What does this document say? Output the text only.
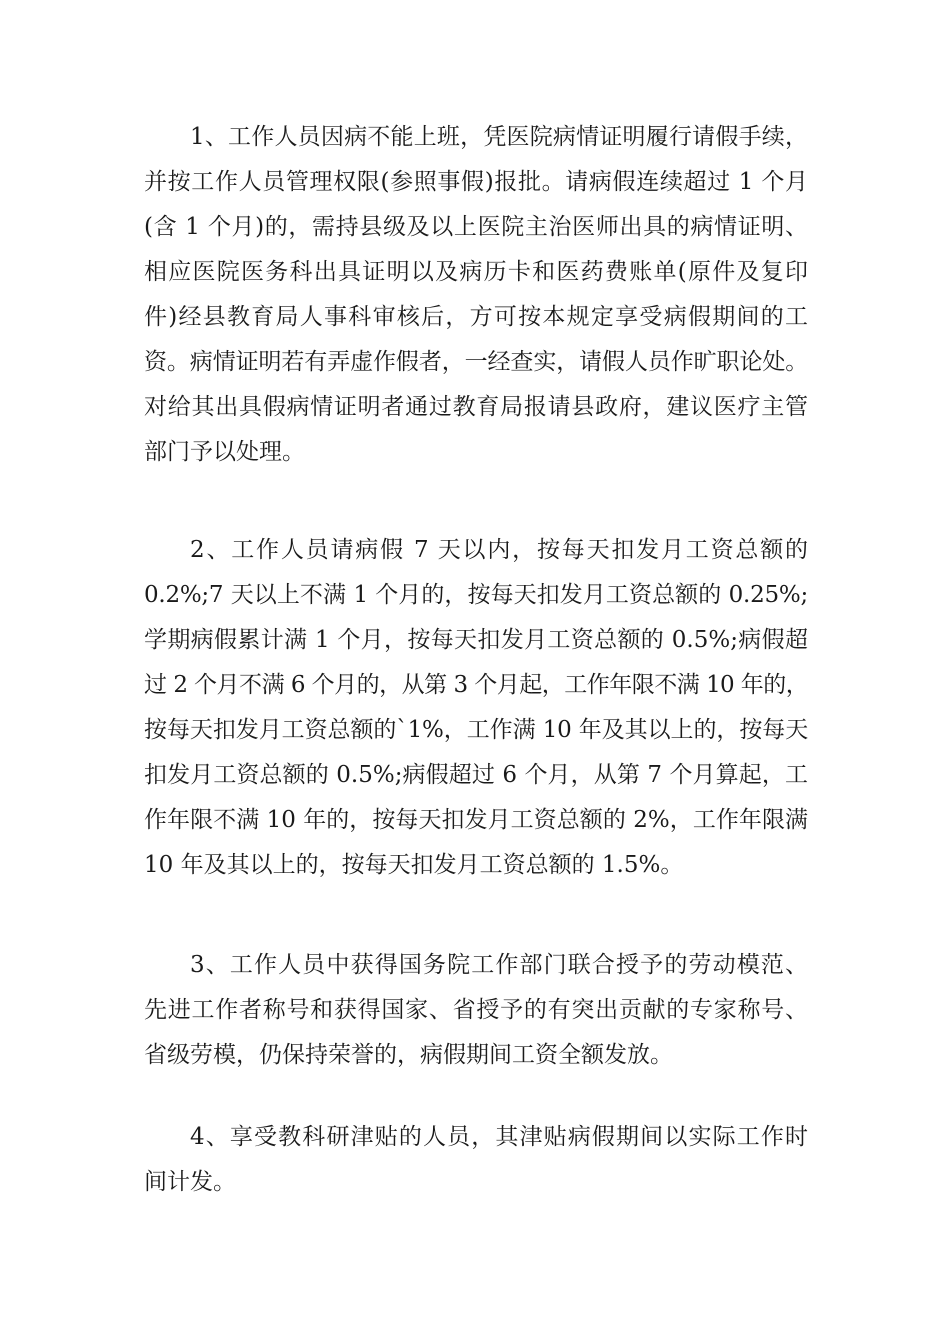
1、工作人员因病不能上班，凭医院病情证明履行请假手续，
并按工作人员管理权限(参照事假)报批。请病假连续超过 1 个月
(含 1 个月)的，需持县级及以上医院主治医师出具的病情证明、
相应医院医务科出具证明以及病历卡和医药费账单(原件及复印
件)经县教育局人事科审核后，方可按本规定享受病假期间的工
资。病情证明若有弄虚作假者，一经查实，请假人员作旷职论处。
对给其出具假病情证明者通过教育局报请县政府，建议医疗主管
部门予以处理。
2、工作人员请病假 7 天以内，按每天扣发月工资总额的
0.2%;7 天以上不满 1 个月的，按每天扣发月工资总额的 0.25%;
学期病假累计满 1 个月，按每天扣发月工资总额的 0.5%;病假超
过 2 个月不满 6 个月的，从第 3 个月起，工作年限不满 10 年的，
按每天扣发月工资总额的`1%，工作满 10 年及其以上的，按每天
扣发月工资总额的 0.5%;病假超过 6 个月，从第 7 个月算起，工
作年限不满 10 年的，按每天扣发月工资总额的 2%，工作年限满
10 年及其以上的，按每天扣发月工资总额的 1.5%。
3、工作人员中获得国务院工作部门联合授予的劳动模范、
先进工作者称号和获得国家、省授予的有突出贡献的专家称号、
省级劳模，仍保持荣誉的，病假期间工资全额发放。
4、享受教科研津贴的人员，其津贴病假期间以实际工作时
间计发。
